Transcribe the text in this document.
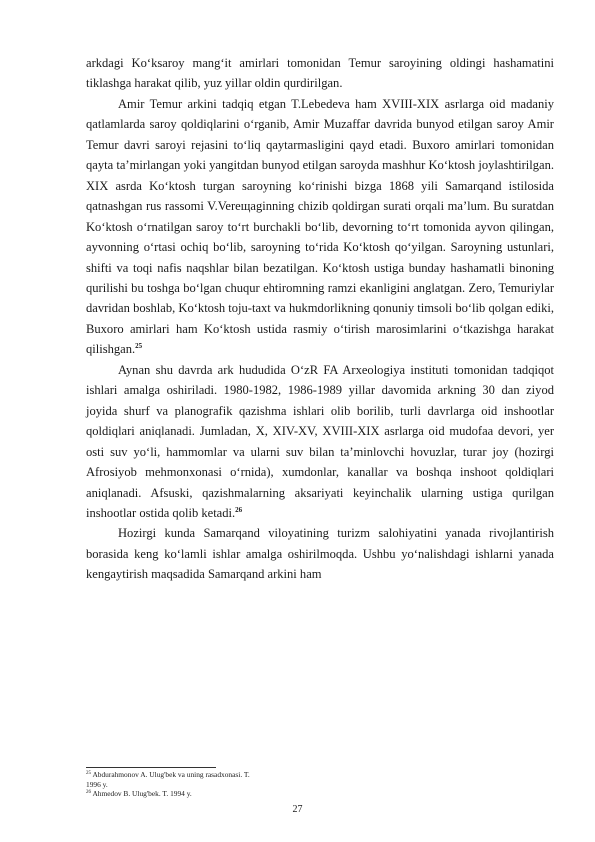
arkdagi Ko‘ksaroy mang‘it amirlari tomonidan Temur saroyining oldingi hashamatini tiklashga harakat qilib, yuz yillar oldin qurdirilgan.

Amir Temur arkini tadqiq etgan T.Lebedeva ham XVIII-XIX asrlarga oid madaniy qatlamlarda saroy qoldiqlarini o‘rganib, Amir Muzaffar davrida bunyod etilgan saroy Amir Temur davri saroyi rejasini to‘liq qaytarmasligini qayd etadi. Buxoro amirlari tomonidan qayta ta’mirlangan yoki yangitdan bunyod etilgan saroyda mashhur Ko‘ktosh joylashtirilgan. XIX asrda Ko‘ktosh turgan saroyning ko‘rinishi bizga 1868 yili Samarqand istilosida qatnashgan rus rassomi V.Vereщaginning chizib qoldirgan surati orqali ma’lum. Bu suratdan Ko‘ktosh o‘rnatilgan saroy to‘rt burchakli bo‘lib, devorning to‘rt tomonida ayvon qilingan, ayvonning o‘rtasi ochiq bo‘lib, saroyning to‘rida Ko‘ktosh qo‘yilgan. Saroyning ustunlari, shifti va toqi nafis naqshlar bilan bezatilgan. Ko‘ktosh ustiga bunday hashamatli binoning qurilishi bu toshga bo‘lgan chuqur ehtiromning ramzi ekanligini anglatgan. Zero, Temuriylar davridan boshlab, Ko‘ktosh toju-taxt va hukmdorlikning qonuniy timsoli bo‘lib qolgan ediki, Buxoro amirlari ham Ko‘ktosh ustida rasmiy o‘tirish marosimlarini o‘tkazishga harakat qilishgan.$^{25}$

Aynan shu davrda ark hududida O‘zR FA Arxeologiya instituti tomonidan tadqiqot ishlari amalga oshiriladi. 1980-1982, 1986-1989 yillar davomida arkning 30 dan ziyod joyida shurf va planografik qazishma ishlari olib borilib, turli davrlarga oid inshootlar qoldiqlari aniqlanadi. Jumladan, X, XIV-XV, XVIII-XIX asrlarga oid mudofaa devori, yer osti suv yo‘li, hammomlar va ularni suv bilan ta’minlovchi hovuzlar, turar joy (hozirgi Afrosiyob mehmonxonasi o‘rnida), xumdonlar, kanallar va boshqa inshoot qoldiqlari aniqlanadi. Afsuski, qazishmalarning aksariyati keyinchalik ularning ustiga qurilgan inshootlar ostida qolib ketadi.$^{26}$

Hozirgi kunda Samarqand viloyatining turizm salohiyatini yanada rivojlantirish borasida keng ko‘lamli ishlar amalga oshirilmoqda. Ushbu yo‘nalishdagi ishlarni yanada kengaytirish maqsadida Samarqand arkini ham

$^{25}$ Abdurahmonov A. Ulug'bek va uning rasadxonasi. T.
1996 y.
$^{26}$ Ahmedov B. Ulug'bek. T. 1994 y.
27
